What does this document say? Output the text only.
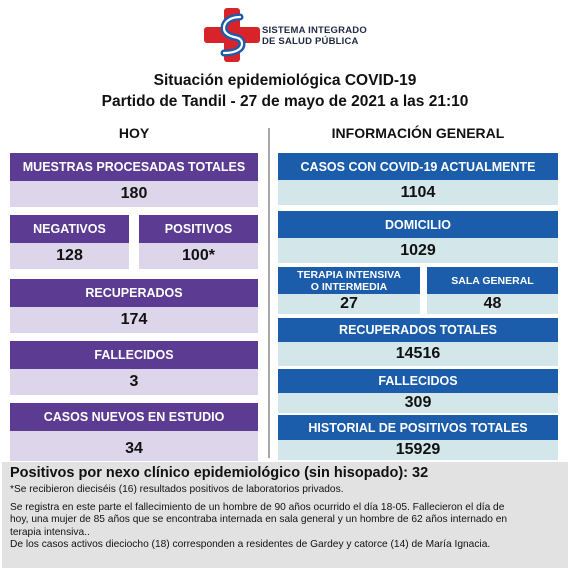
SISTEMA INTEGRADO
DE SALUD PÚBLICA
Situación epidemiológica COVID-19
Partido de Tandil - 27 de mayo de 2021 a las 21:10
HOY	INFORMACIÓN GENERAL
MUESTRAS PROCESADAS TOTALES
180
NEGATIVOS
128
POSITIVOS
100*
RECUPERADOS
174
FALLECIDOS
3
CASOS NUEVOS EN ESTUDIO
34
CASOS CON COVID-19 ACTUALMENTE
1104
DOMICILIO
1029
TERAPIA INTENSIVA
O INTERMEDIA
27
SALA GENERAL
48
RECUPERADOS TOTALES
14516
FALLECIDOS
309
HISTORIAL DE POSITIVOS TOTALES
15929
Positivos por nexo clínico epidemiológico (sin hisopado): 32
*Se recibieron dieciséis (16) resultados positivos de laboratorios privados.
Se registra en este parte el fallecimiento de un hombre de 90 años ocurrido el día 18-05. Fallecieron el día de
hoy, una mujer de 85 años que se encontraba internada en sala general y un hombre de 62 años internado en
terapia intensiva..
De los casos activos dieciocho (18) corresponden a residentes de Gardey y catorce (14) de María Ignacia.
